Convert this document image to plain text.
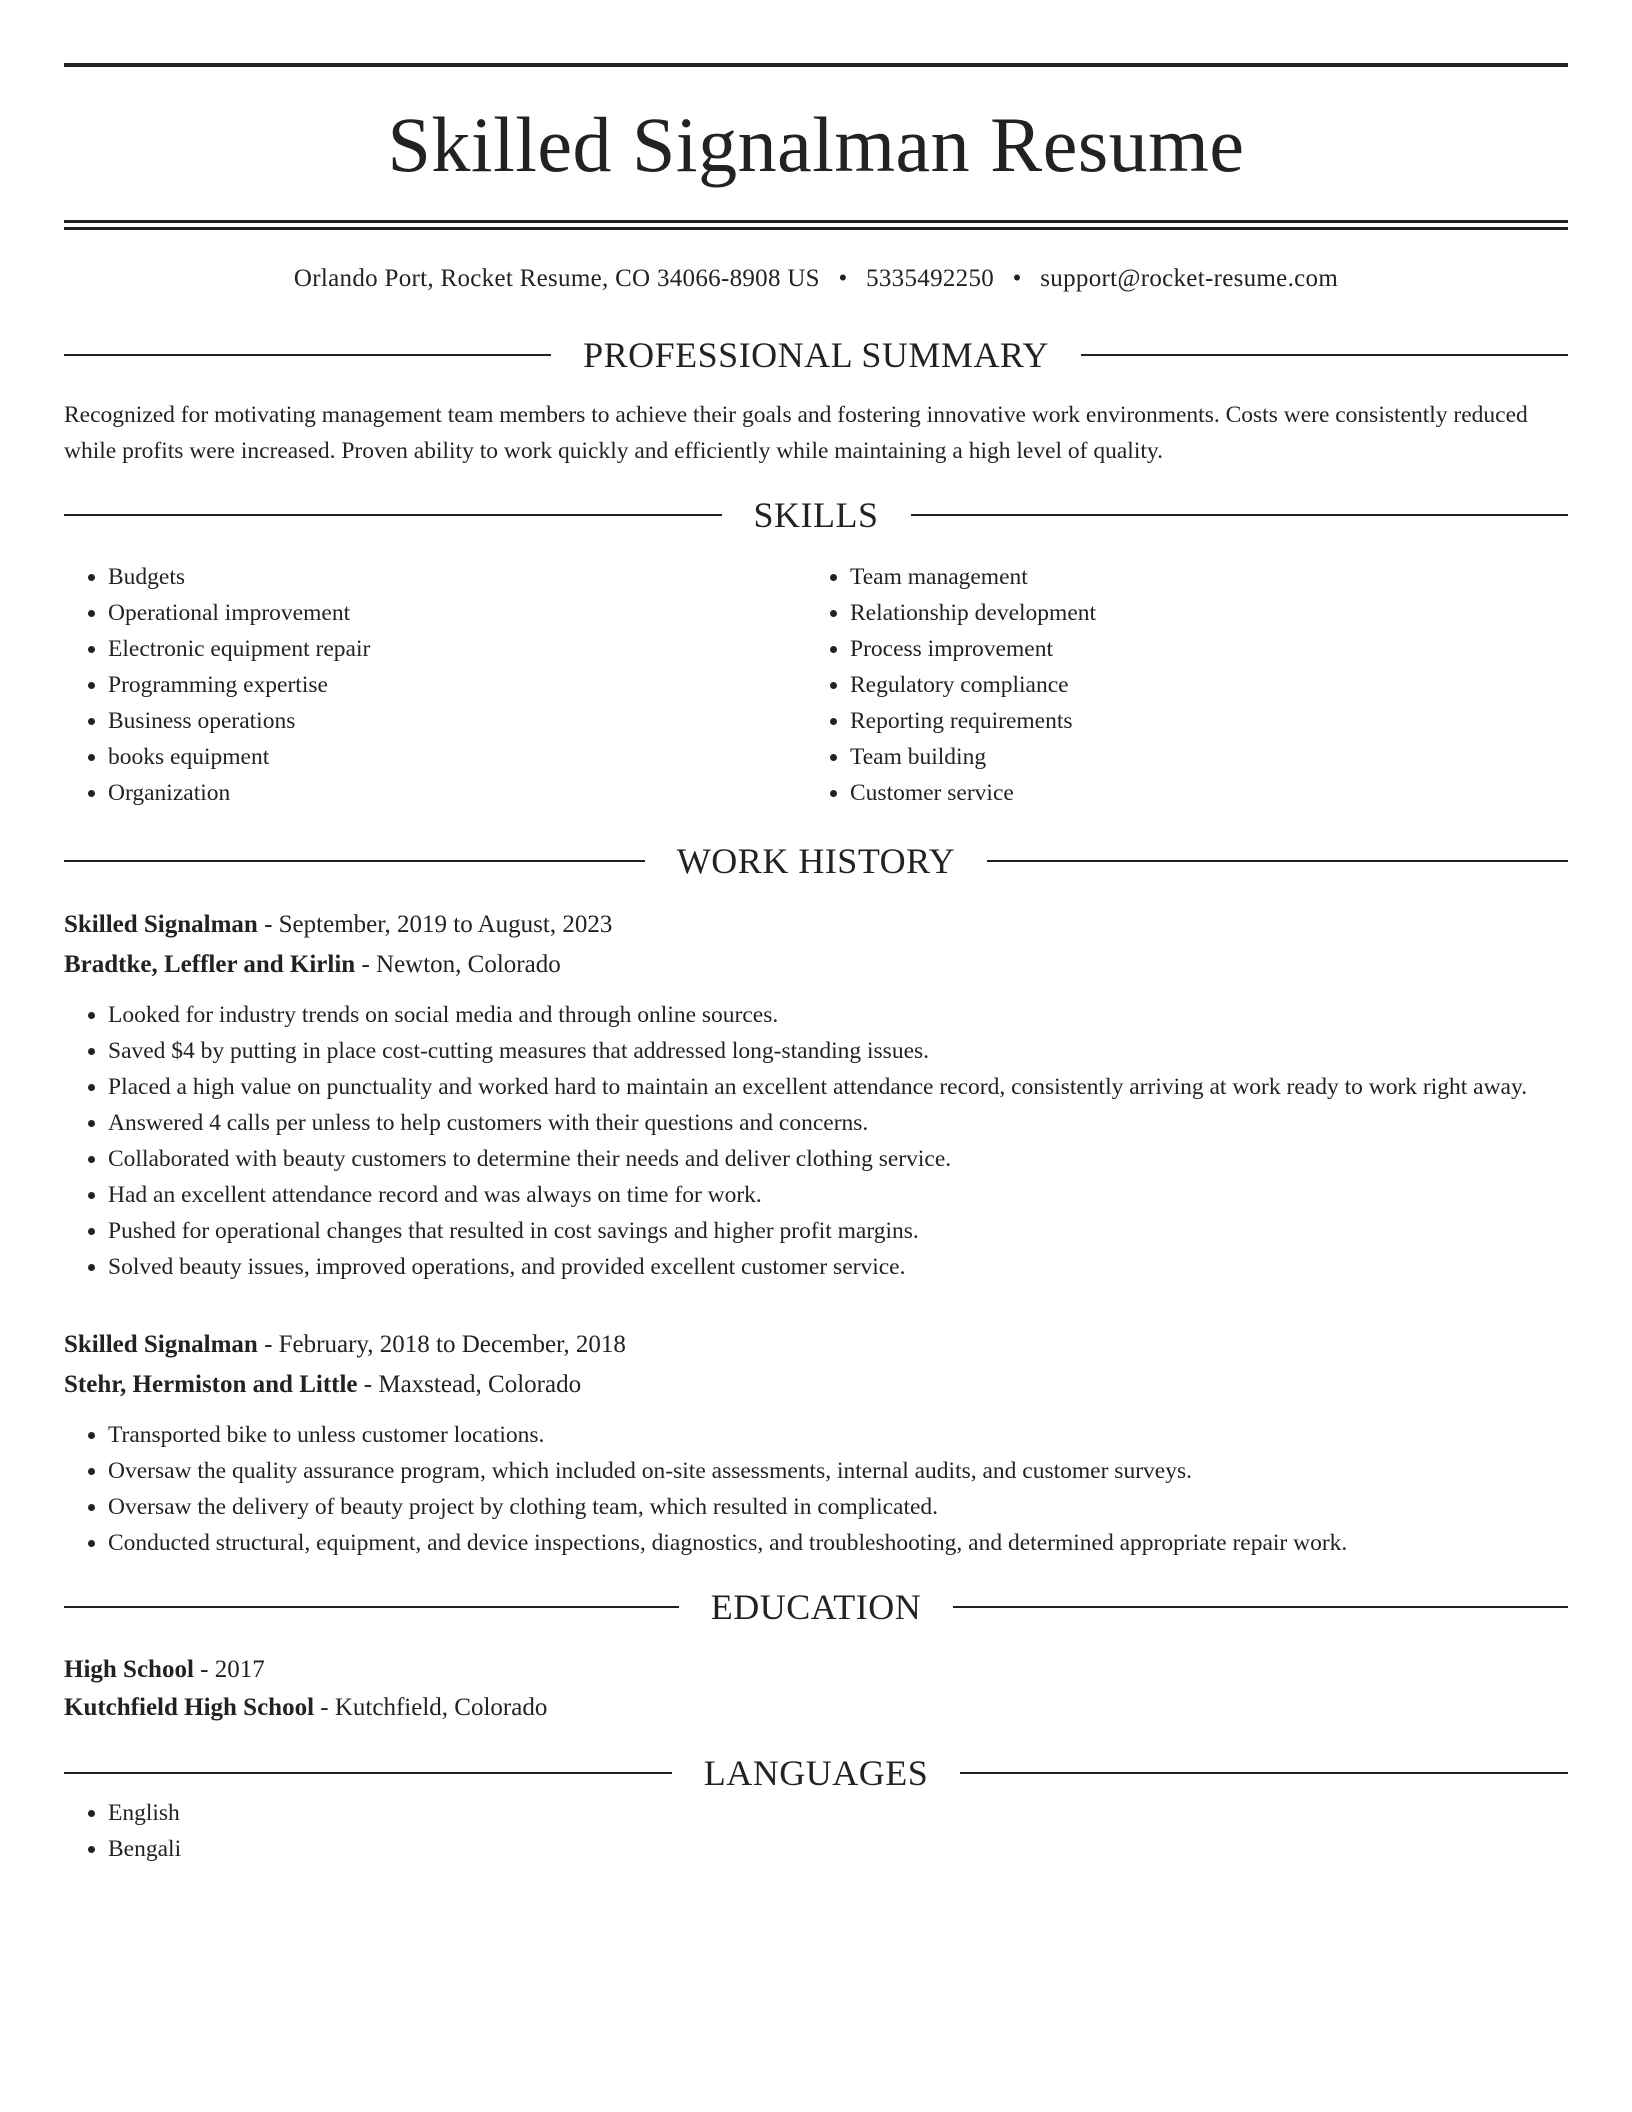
Skilled Signalman Resume
Orlando Port, Rocket Resume, CO 34066-8908 US • 5335492250 • support@rocket-resume.com
PROFESSIONAL SUMMARY
Recognized for motivating management team members to achieve their goals and fostering innovative work environments. Costs were consistently reduced while profits were increased. Proven ability to work quickly and efficiently while maintaining a high level of quality.
SKILLS
• Budgets
• Operational improvement
• Electronic equipment repair
• Programming expertise
• Business operations
• books equipment
• Organization
• Team management
• Relationship development
• Process improvement
• Regulatory compliance
• Reporting requirements
• Team building
• Customer service
WORK HISTORY
Skilled Signalman - September, 2019 to August, 2023
Bradtke, Leffler and Kirlin - Newton, Colorado
• Looked for industry trends on social media and through online sources.
• Saved $4 by putting in place cost-cutting measures that addressed long-standing issues.
• Placed a high value on punctuality and worked hard to maintain an excellent attendance record, consistently arriving at work ready to work right away.
• Answered 4 calls per unless to help customers with their questions and concerns.
• Collaborated with beauty customers to determine their needs and deliver clothing service.
• Had an excellent attendance record and was always on time for work.
• Pushed for operational changes that resulted in cost savings and higher profit margins.
• Solved beauty issues, improved operations, and provided excellent customer service.
Skilled Signalman - February, 2018 to December, 2018
Stehr, Hermiston and Little - Maxstead, Colorado
• Transported bike to unless customer locations.
• Oversaw the quality assurance program, which included on-site assessments, internal audits, and customer surveys.
• Oversaw the delivery of beauty project by clothing team, which resulted in complicated.
• Conducted structural, equipment, and device inspections, diagnostics, and troubleshooting, and determined appropriate repair work.
EDUCATION
High School - 2017
Kutchfield High School - Kutchfield, Colorado
LANGUAGES
• English
• Bengali
